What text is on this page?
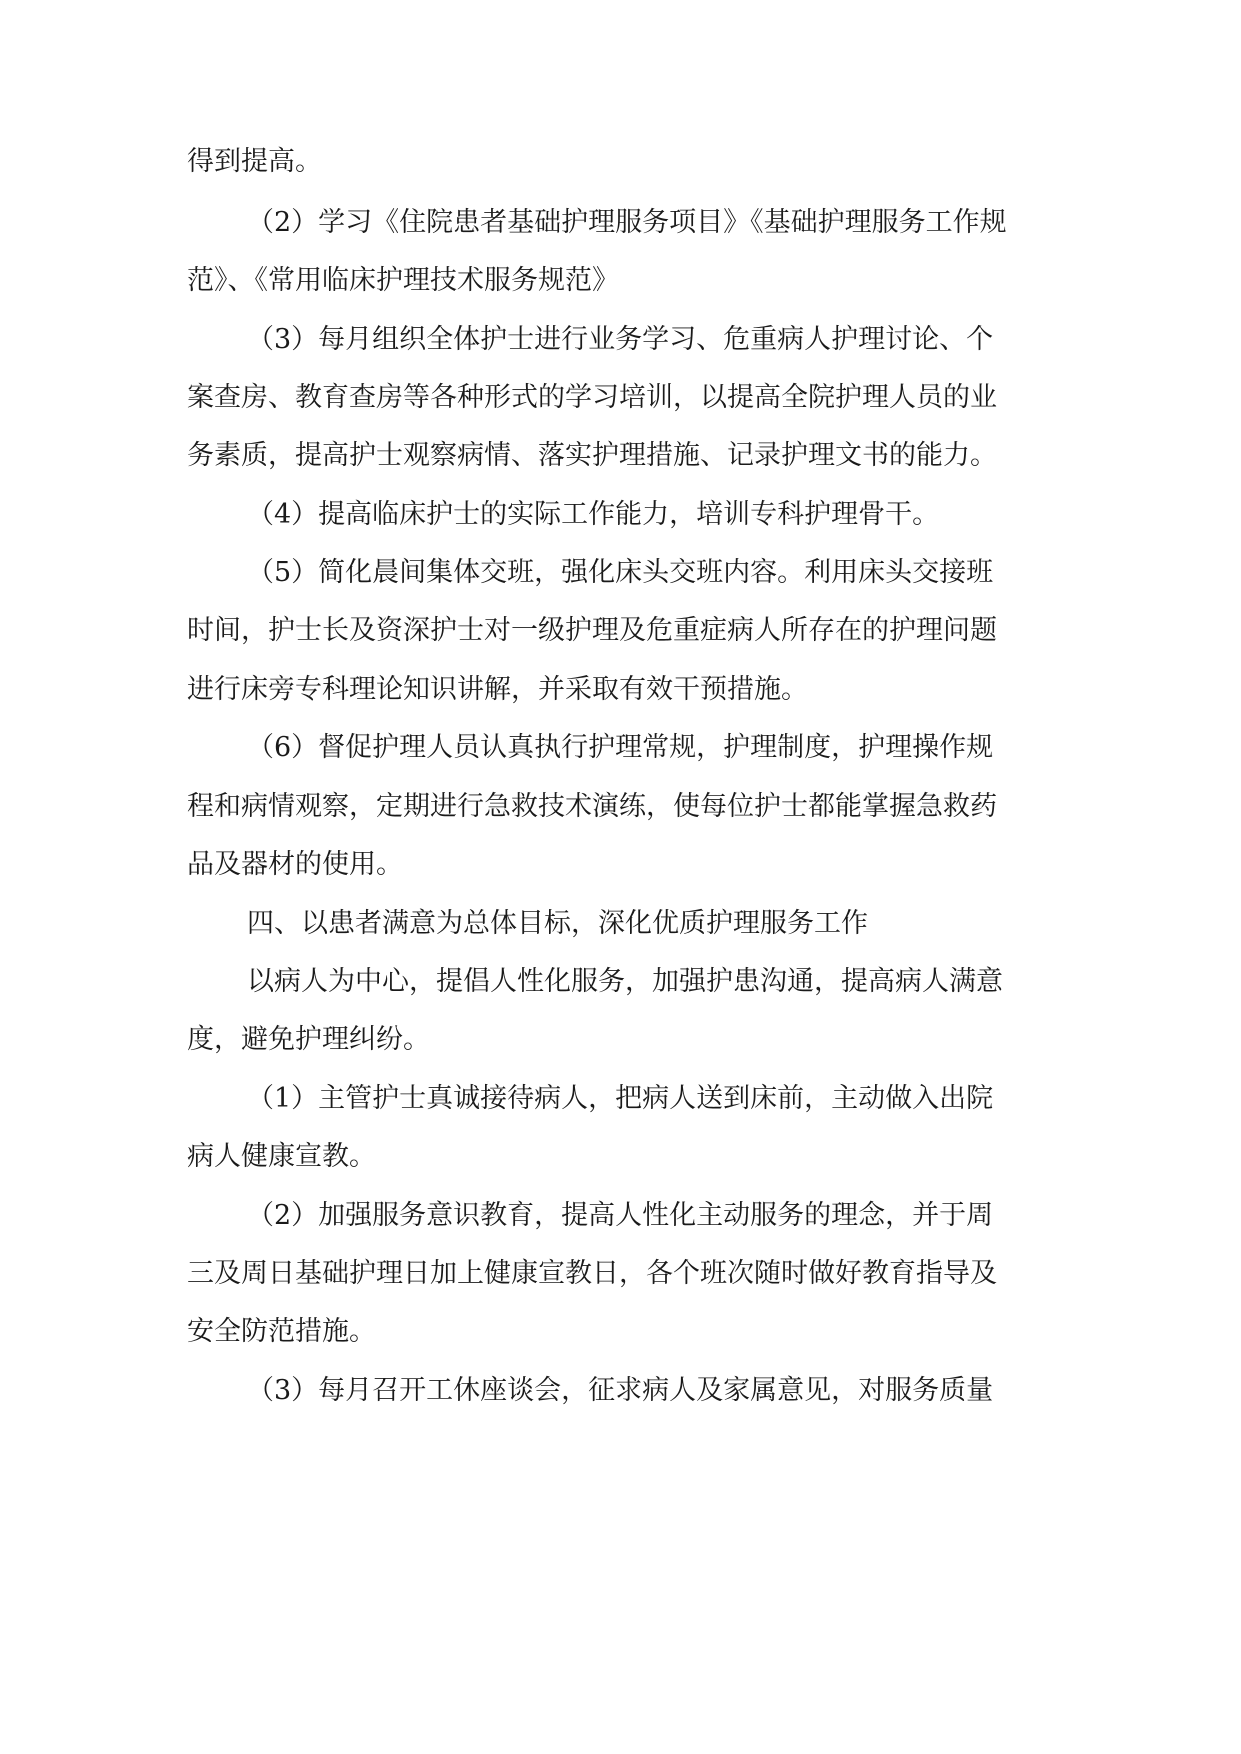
得到提高。
（2）学习《住院患者基础护理服务项目》《基础护理服务工作规
范》、《常用临床护理技术服务规范》
（3）每月组织全体护士进行业务学习、危重病人护理讨论、个
案查房、教育查房等各种形式的学习培训，以提高全院护理人员的业
务素质，提高护士观察病情、落实护理措施、记录护理文书的能力。
（4）提高临床护士的实际工作能力，培训专科护理骨干。
（5）简化晨间集体交班，强化床头交班内容。利用床头交接班
时间，护士长及资深护士对一级护理及危重症病人所存在的护理问题
进行床旁专科理论知识讲解，并采取有效干预措施。
（6）督促护理人员认真执行护理常规，护理制度，护理操作规
程和病情观察，定期进行急救技术演练，使每位护士都能掌握急救药
品及器材的使用。
四、以患者满意为总体目标，深化优质护理服务工作
以病人为中心，提倡人性化服务，加强护患沟通，提高病人满意
度，避免护理纠纷。
（1）主管护士真诚接待病人，把病人送到床前，主动做入出院
病人健康宣教。
（2）加强服务意识教育，提高人性化主动服务的理念，并于周
三及周日基础护理日加上健康宣教日，各个班次随时做好教育指导及
安全防范措施。
（3）每月召开工休座谈会，征求病人及家属意见，对服务质量
